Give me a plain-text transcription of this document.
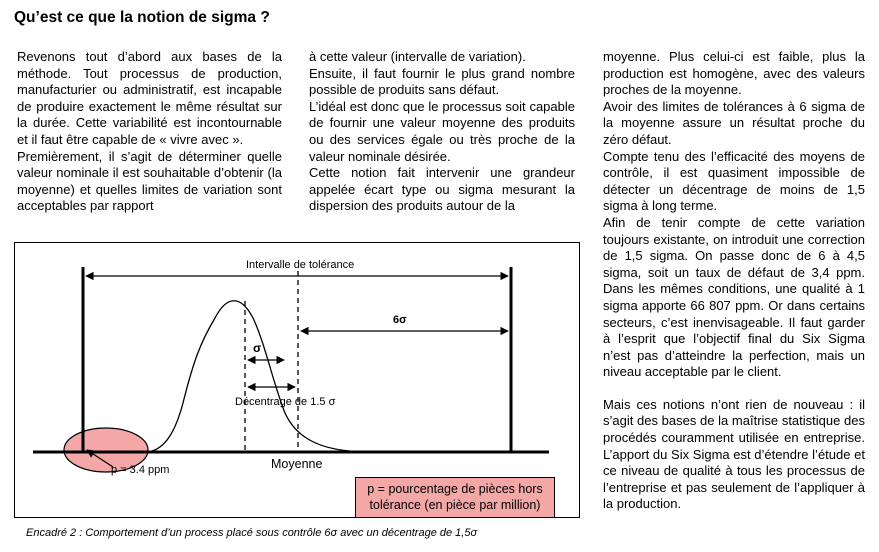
Qu’est ce que la notion de sigma ?

Revenons tout d’abord aux bases de la méthode. Tout processus de production, manufacturier ou administratif, est incapable de produire exactement le même résultat sur la durée. Cette variabilité est incontournable et il faut être capable de « vivre avec ».

Premièrement, il s’agit de déterminer quelle valeur nominale il est souhaitable d’obtenir (la moyenne) et quelles limites de variation sont acceptables par rapport

à cette valeur (intervalle de variation).

Ensuite, il faut fournir le plus grand nombre possible de produits sans défaut.

L’idéal est donc que le processus soit capable de fournir une valeur moyenne des produits ou des services égale ou très proche de la valeur nominale désirée.

Cette notion fait intervenir une grandeur appelée écart type ou sigma mesurant la dispersion des produits autour de la

moyenne. Plus celui-ci est faible, plus la production est homogène, avec des valeurs proches de la moyenne.

Avoir des limites de tolérances à 6 sigma de la moyenne assure un résultat proche du zéro défaut.

Compte tenu des l’efficacité des moyens de contrôle, il est quasiment impossible de détecter un décentrage de moins de 1,5 sigma à long terme.

Afin de tenir compte de cette variation toujours existante, on introduit une correction de 1,5 sigma. On passe donc de 6 à 4,5 sigma, soit un taux de défaut de 3,4 ppm. Dans les mêmes conditions, une qualité à 1 sigma apporte 66 807 ppm. Or dans certains secteurs, c’est inenvisageable. Il faut garder à l’esprit que l’objectif final du Six Sigma n’est pas d’atteindre la perfection, mais un niveau acceptable par le client.

Mais ces notions n’ont rien de nouveau : il s’agit des bases de la maîtrise statistique des procédés couramment utilisée en entreprise. L’apport du Six Sigma est d’étendre l’étude et ce niveau de qualité à tous les processus de l’entreprise et pas seulement de l’appliquer à la production.

Intervalle de tolérance
6σ
σ
Décentrage de 1.5 σ
Moyenne
p = 3.4 ppm
p = pourcentage de pièces hors
tolérance (en pièce par million)
Encadré 2 : Comportement d’un process placé sous contrôle 6σ avec un décentrage de 1,5σ
